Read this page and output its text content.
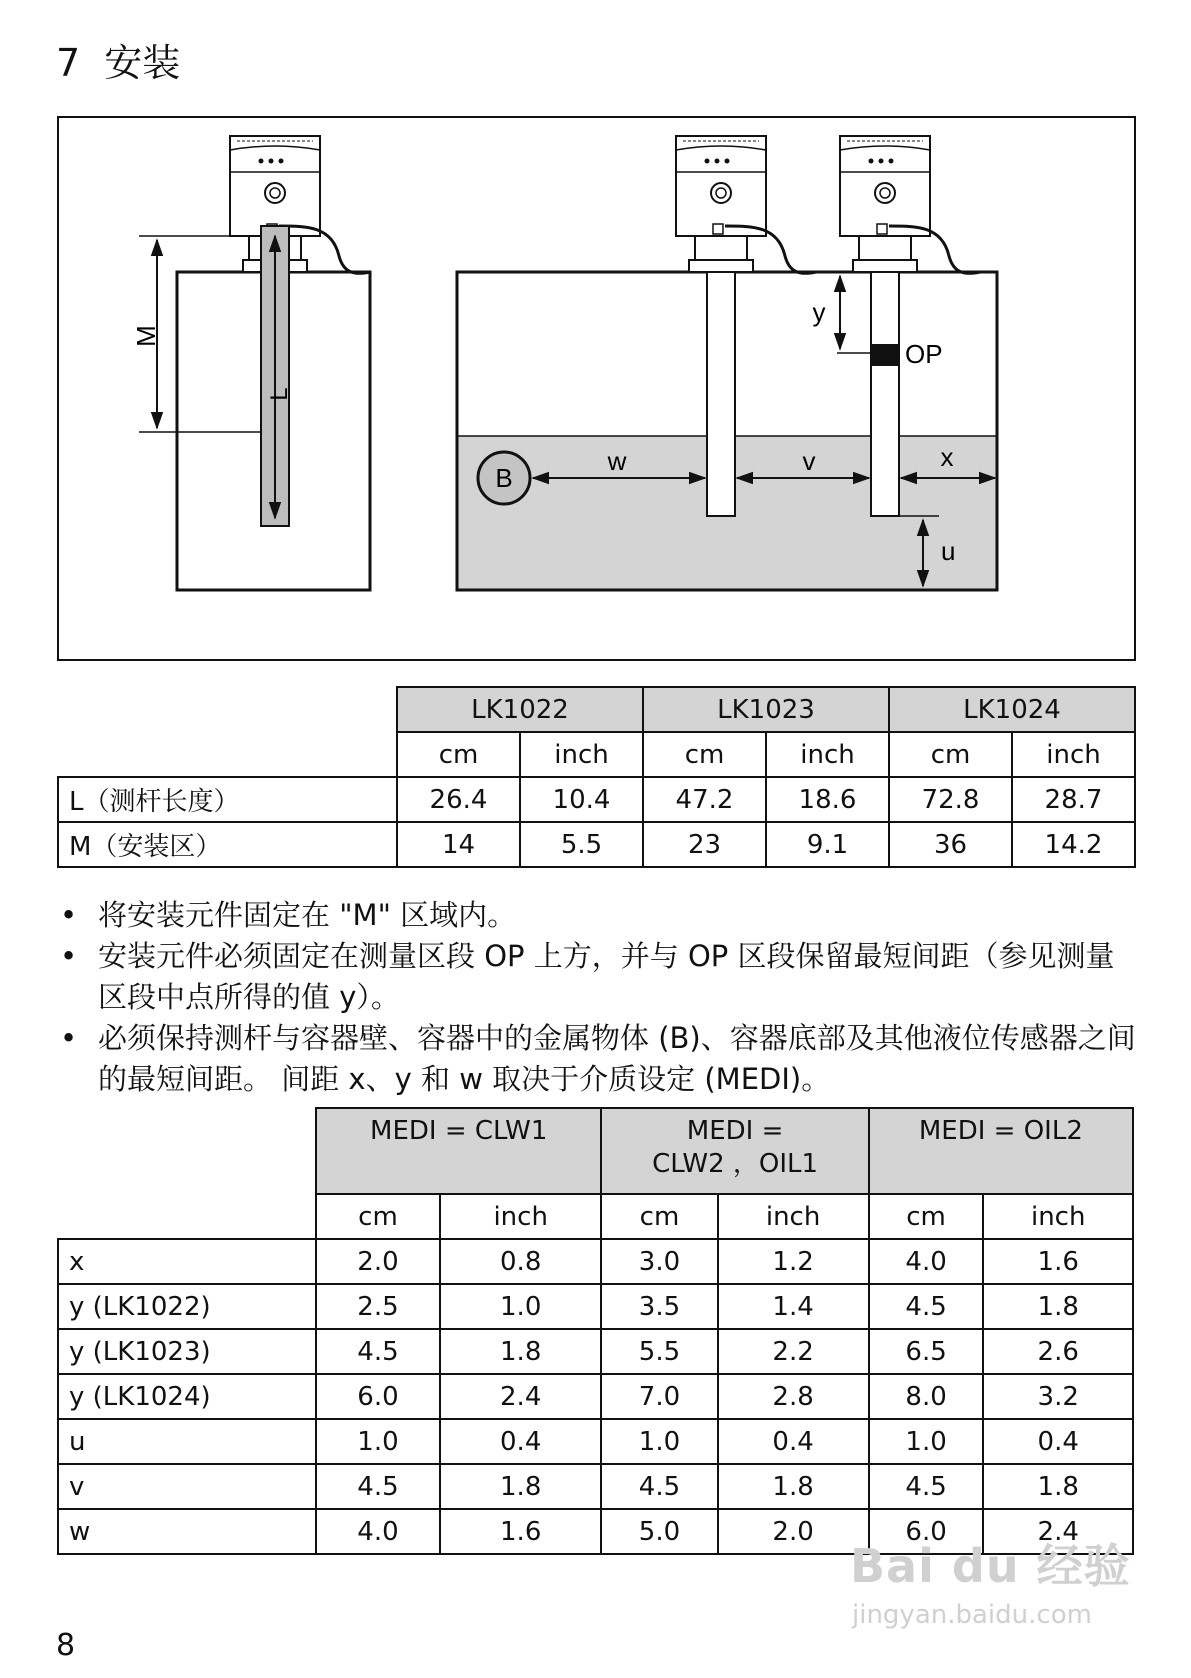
7 安装
M
L
y
OP
B
w	v	x
u
	LK1022		LK1023		LK1024	
	cm	inch	cm	inch	cm	inch
L（测杆长度）	26.4	10.4	47.2	18.6	72.8	28.7
M（安装区）	14	5.5	23	9.1	36	14.2
• 将安装元件固定在 "M" 区域内。
• 安装元件必须固定在测量区段 OP 上方，并与 OP 区段保留最短间距（参见测量区段中点所得的值 y）。
• 必须保持测杆与容器壁、容器中的金属物体 (B)、容器底部及其他液位传感器之间的最短间距。 间距 x、y 和 w 取决于介质设定 (MEDI)。
	MEDI = CLW1		MEDI =
CLW2 ，OIL1		MEDI = OIL2	
	cm	inch	cm	inch	cm	inch
x	2.0	0.8	3.0	1.2	4.0	1.6
y (LK1022)	2.5	1.0	3.5	1.4	4.5	1.8
y (LK1023)	4.5	1.8	5.5	2.2	6.5	2.6
y (LK1024)	6.0	2.4	7.0	2.8	8.0	3.2
u	1.0	0.4	1.0	0.4	1.0	0.4
v	4.5	1.8	4.5	1.8	4.5	1.8
w	4.0	1.6	5.0	2.0	6.0	2.4
8
Bai du 经验
jingyan.baidu.com
